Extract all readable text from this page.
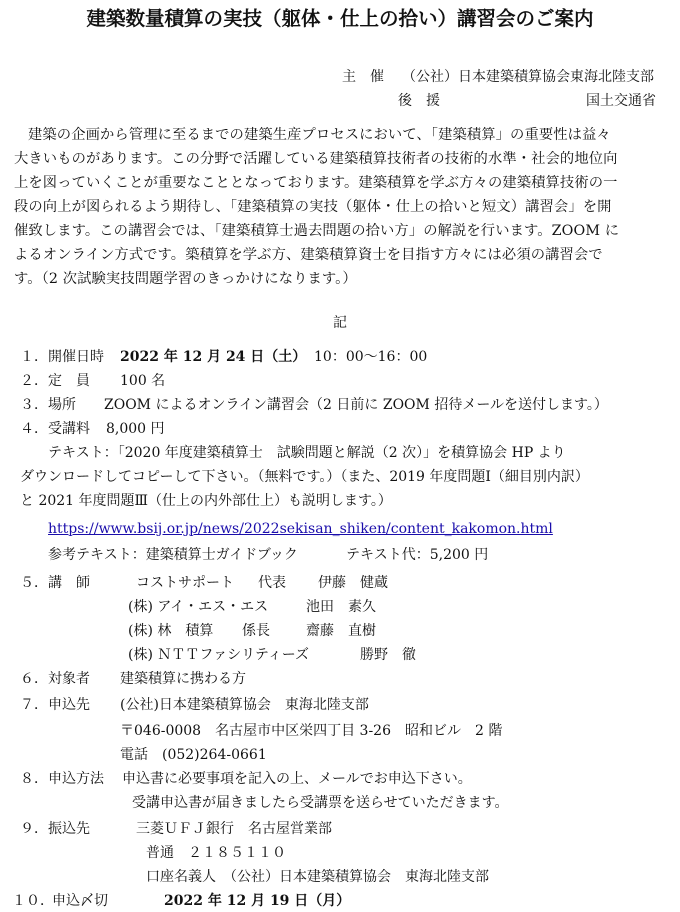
建築数量積算の実技（躯体・仕上の拾い）講習会のご案内
主　催 （公社）日本建築積算協会東海北陸支部
後　援	国土交通省
建築の企画から管理に至るまでの建築生産プロセスにおいて、「建築積算」の重要性は益々
大きいものがあります。この分野で活躍している建築積算技術者の技術的水準・社会的地位向
上を図っていくことが重要なこととなっております。建築積算を学ぶ方々の建築積算技術の一
段の向上が図られるよう期待し、「建築積算の実技（躯体・仕上の拾いと短文）講習会」を開
催致します。この講習会では、「建築積算士過去問題の拾い方」の解説を行います。ZOOM に
よるオンライン方式です。築積算を学ぶ方、建築積算資士を目指す方々には必須の講習会で
す。（2 次試験実技問題学習のきっかけになります。）
記
１． 開催日時 2022 年 12 月 24 日（土） 10：00〜16：00
２． 定　員 100 名
３． 場所 ZOOM によるオンライン講習会（2 日前に ZOOM 招待メールを送付します。）
４． 受講料 8,000 円
テキスト：「2020 年度建築積算士　試験問題と解説（2 次）」を積算協会 HP より
ダウンロードしてコピーして下さい。（無料です。）（また、2019 年度問題Ⅰ（細目別内訳）
と 2021 年度問題Ⅲ（仕上の内外部仕上）も説明します。）
https://www.bsij.or.jp/news/2022sekisan_shiken/content_kakomon.html
参考テキスト：建築積算士ガイドブック	テキスト代：5,200 円
５． 講　師	コストサポート 代表 伊藤　健蔵
(株) アイ・エス・エス	池田　素久
(株) 林　積算 係長	齋藤　直樹
(株) ＮＴＴファシリティーズ	勝野　徹
６． 対象者 建築積算に携わる方
７． 申込先 (公社)日本建築積算協会　東海北陸支部
〒046-0008　名古屋市中区栄四丁目 3-26　昭和ビル　2 階
電話　(052)264-0661
８． 申込方法 申込書に必要事項を記入の上、メールでお申込下さい。
受講申込書が届きましたら受講票を送らせていただきます。
９． 振込先	三菱ＵＦＪ銀行　名古屋営業部
普通　２１８５１１０
口座名義人　（公社）日本建築積算協会　東海北陸支部
１０．
申込〆切	2022 年 12 月 19 日（月）
